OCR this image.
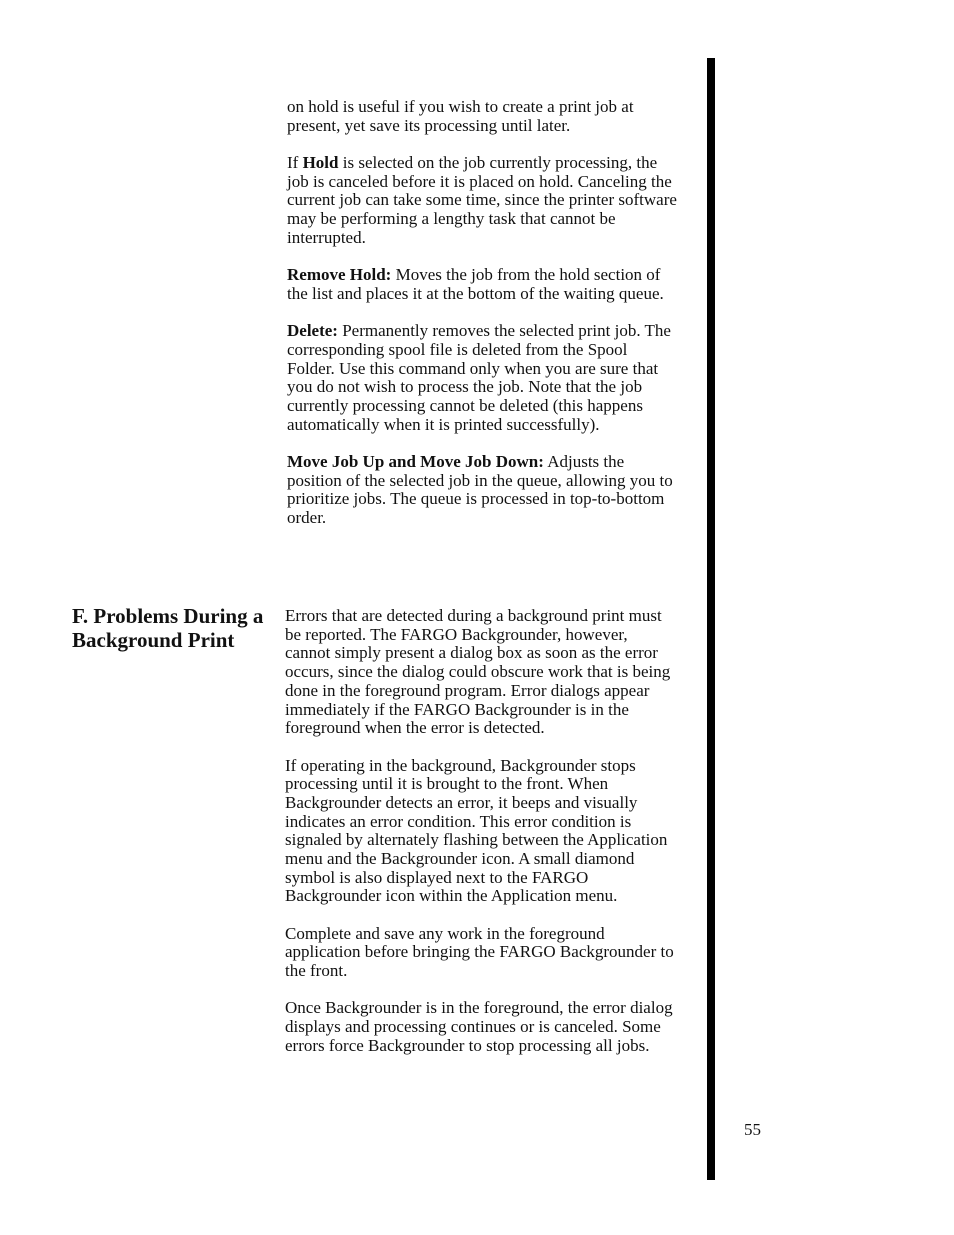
on hold is useful if you wish to create a print job at present, yet save its processing until later.

If Hold is selected on the job currently processing, the job is canceled before it is placed on hold. Canceling the current job can take some time, since the printer software may be performing a lengthy task that cannot be interrupted.

Remove Hold: Moves the job from the hold section of the list and places it at the bottom of the waiting queue.

Delete: Permanently removes the selected print job. The corresponding spool file is deleted from the Spool Folder. Use this command only when you are sure that you do not wish to process the job. Note that the job currently processing cannot be deleted (this happens automatically when it is printed successfully).

Move Job Up and Move Job Down: Adjusts the position of the selected job in the queue, allowing you to prioritize jobs. The queue is processed in top-to-bottom order.

F. Problems During a Background Print

Errors that are detected during a background print must be reported. The FARGO Backgrounder, however, cannot simply present a dialog box as soon as the error occurs, since the dialog could obscure work that is being done in the foreground program. Error dialogs appear immediately if the FARGO Backgrounder is in the foreground when the error is detected.

If operating in the background, Backgrounder stops processing until it is brought to the front. When Backgrounder detects an error, it beeps and visually indicates an error condition. This error condition is signaled by alternately flashing between the Application menu and the Backgrounder icon. A small diamond symbol is also displayed next to the FARGO Backgrounder icon within the Application menu.

Complete and save any work in the foreground application before bringing the FARGO Backgrounder to the front.

Once Backgrounder is in the foreground, the error dialog displays and processing continues or is canceled. Some errors force Backgrounder to stop processing all jobs.

55
